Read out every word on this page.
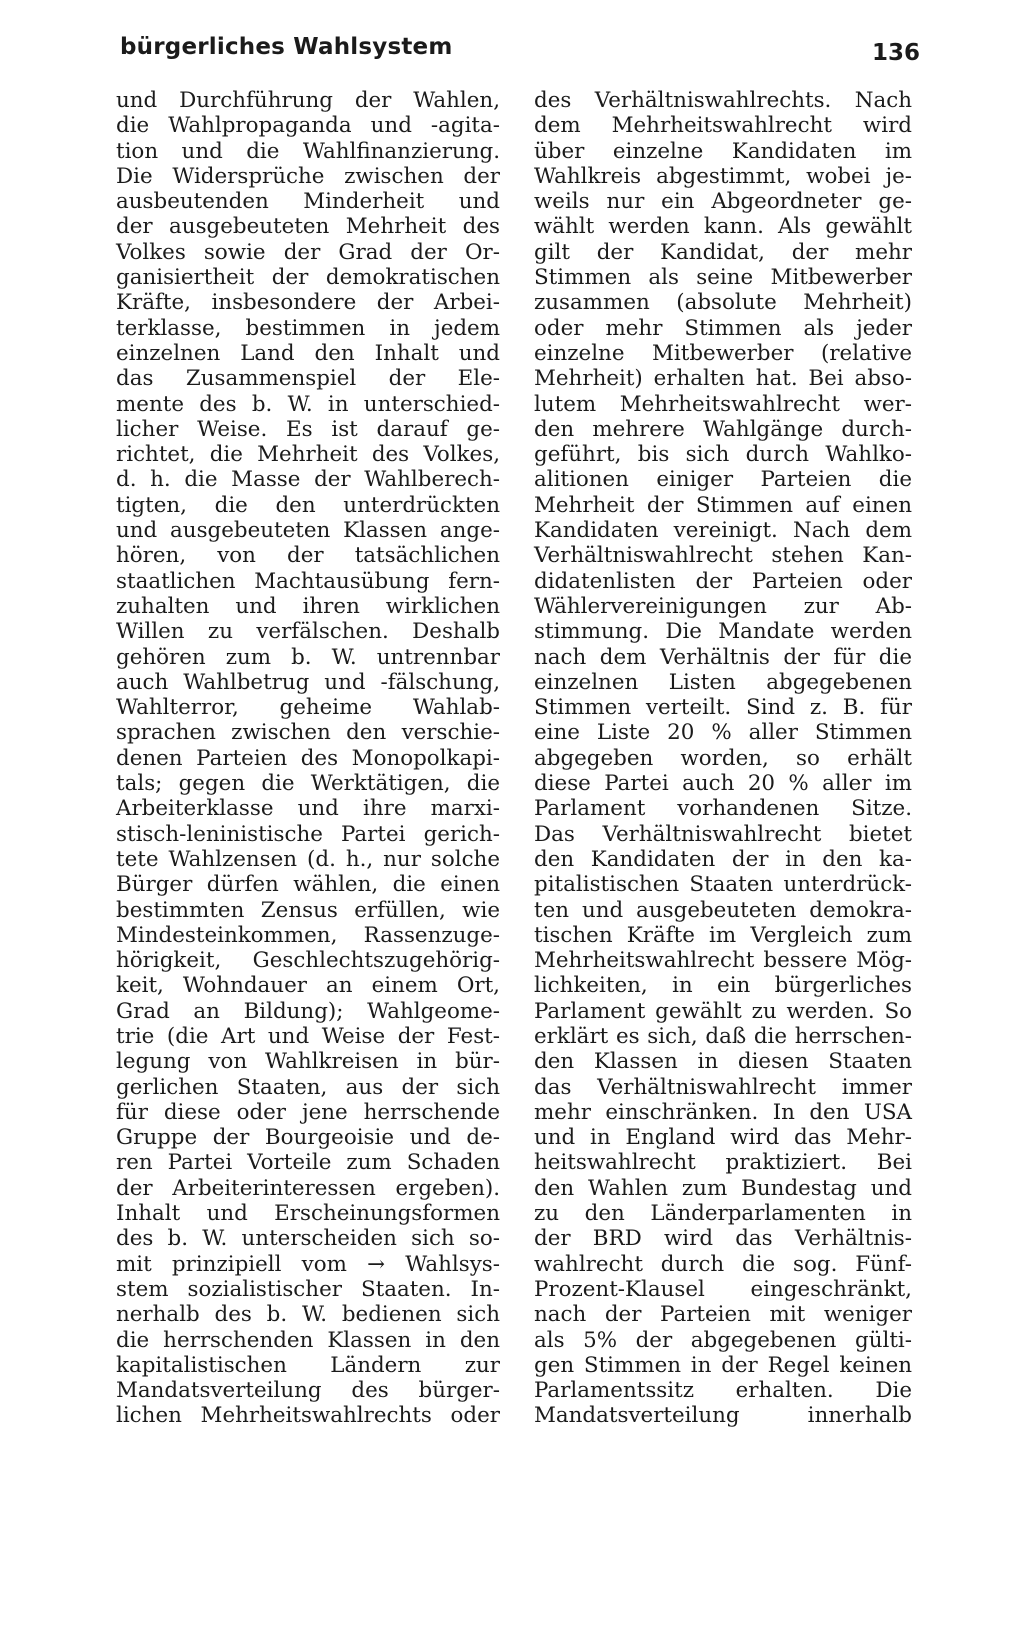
bürgerliches Wahlsystem	136
und Durchführung der Wahlen,
die Wahlpropaganda und -agita-
tion und die Wahlfinanzierung.
Die Widersprüche zwischen der
ausbeutenden Minderheit und
der ausgebeuteten Mehrheit des
Volkes sowie der Grad der Or-
ganisiertheit der demokratischen
Kräfte, insbesondere der Arbei-
terklasse, bestimmen in jedem
einzelnen Land den Inhalt und
das Zusammenspiel der Ele-
mente des b. W. in unterschied-
licher Weise. Es ist darauf ge-
richtet, die Mehrheit des Volkes,
d. h. die Masse der Wahlberech-
tigten, die den unterdrückten
und ausgebeuteten Klassen ange-
hören, von der tatsächlichen
staatlichen Machtausübung fern-
zuhalten und ihren wirklichen
Willen zu verfälschen. Deshalb
gehören zum b. W. untrennbar
auch Wahlbetrug und -fälschung,
Wahlterror, geheime Wahlab-
sprachen zwischen den verschie-
denen Parteien des Monopolkapi-
tals; gegen die Werktätigen, die
Arbeiterklasse und ihre marxi-
stisch-leninistische Partei gerich-
tete Wahlzensen (d. h., nur solche
Bürger dürfen wählen, die einen
bestimmten Zensus erfüllen, wie
Mindesteinkommen, Rassenzuge-
hörigkeit, Geschlechtszugehörig-
keit, Wohndauer an einem Ort,
Grad an Bildung); Wahlgeome-
trie (die Art und Weise der Fest-
legung von Wahlkreisen in bür-
gerlichen Staaten, aus der sich
für diese oder jene herrschende
Gruppe der Bourgeoisie und de-
ren Partei Vorteile zum Schaden
der Arbeiterinteressen ergeben).
Inhalt und Erscheinungsformen
des b. W. unterscheiden sich so-
mit prinzipiell vom → Wahlsys-
stem sozialistischer Staaten. In-
nerhalb des b. W. bedienen sich
die herrschenden Klassen in den
kapitalistischen Ländern zur
Mandatsverteilung des bürger-
lichen Mehrheitswahlrechts oder
des Verhältniswahlrechts. Nach
dem Mehrheitswahlrecht wird
über einzelne Kandidaten im
Wahlkreis abgestimmt, wobei je-
weils nur ein Abgeordneter ge-
wählt werden kann. Als gewählt
gilt der Kandidat, der mehr
Stimmen als seine Mitbewerber
zusammen (absolute Mehrheit)
oder mehr Stimmen als jeder
einzelne Mitbewerber (relative
Mehrheit) erhalten hat. Bei abso-
lutem Mehrheitswahlrecht wer-
den mehrere Wahlgänge durch-
geführt, bis sich durch Wahlko-
alitionen einiger Parteien die
Mehrheit der Stimmen auf einen
Kandidaten vereinigt. Nach dem
Verhältniswahlrecht stehen Kan-
didatenlisten der Parteien oder
Wählervereinigungen zur Ab-
stimmung. Die Mandate werden
nach dem Verhältnis der für die
einzelnen Listen abgegebenen
Stimmen verteilt. Sind z. B. für
eine Liste 20 % aller Stimmen
abgegeben worden, so erhält
diese Partei auch 20 % aller im
Parlament vorhandenen Sitze.
Das Verhältniswahlrecht bietet
den Kandidaten der in den ka-
pitalistischen Staaten unterdrück-
ten und ausgebeuteten demokra-
tischen Kräfte im Vergleich zum
Mehrheitswahlrecht bessere Mög-
lichkeiten, in ein bürgerliches
Parlament gewählt zu werden. So
erklärt es sich, daß die herrschen-
den Klassen in diesen Staaten
das Verhältniswahlrecht immer
mehr einschränken. In den USA
und in England wird das Mehr-
heitswahlrecht praktiziert. Bei
den Wahlen zum Bundestag und
zu den Länderparlamenten in
der BRD wird das Verhältnis-
wahlrecht durch die sog. Fünf-
Prozent-Klausel eingeschränkt,
nach der Parteien mit weniger
als 5% der abgegebenen gülti-
gen Stimmen in der Regel keinen
Parlamentssitz erhalten. Die
Mandatsverteilung innerhalb
